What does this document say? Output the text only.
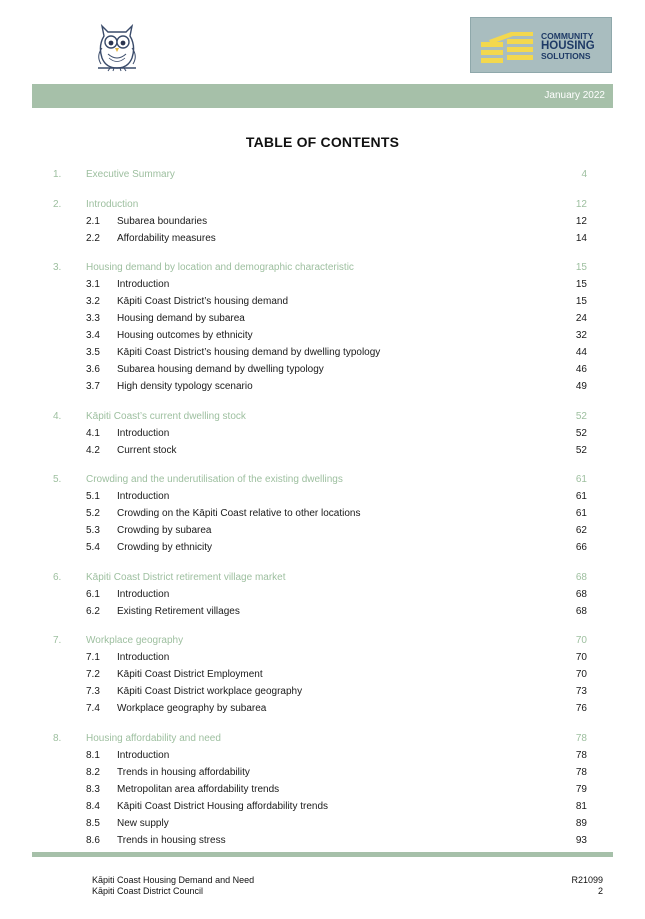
COMMUNITY
HOUSING
SOLUTIONS
January 2022
TABLE OF CONTENTS
1. Executive Summary	4
2. Introduction	12
2.1 Subarea boundaries	12
2.2 Affordability measures	14
3. Housing demand by location and demographic characteristic	15
3.1 Introduction	15
3.2 Kāpiti Coast District’s housing demand	15
3.3 Housing demand by subarea	24
3.4 Housing outcomes by ethnicity	32
3.5 Kāpiti Coast District’s housing demand by dwelling typology	44
3.6 Subarea housing demand by dwelling typology	46
3.7 High density typology scenario	49
4. Kāpiti Coast’s current dwelling stock	52
4.1 Introduction	52
4.2 Current stock	52
5. Crowding and the underutilisation of the existing dwellings	61
5.1 Introduction	61
5.2 Crowding on the Kāpiti Coast relative to other locations	61
5.3 Crowding by subarea	62
5.4 Crowding by ethnicity	66
6. Kāpiti Coast District retirement village market	68
6.1 Introduction	68
6.2 Existing Retirement villages	68
7. Workplace geography	70
7.1 Introduction	70
7.2 Kāpiti Coast District Employment	70
7.3 Kāpiti Coast District workplace geography	73
7.4 Workplace geography by subarea	76
8. Housing affordability and need	78
8.1 Introduction	78
8.2 Trends in housing affordability	78
8.3 Metropolitan area affordability trends	79
8.4 Kāpiti Coast District Housing affordability trends	81
8.5 New supply	89
8.6 Trends in housing stress	93
Kāpiti Coast Housing Demand and Need
Kāpiti Coast District Council
R21099
2
